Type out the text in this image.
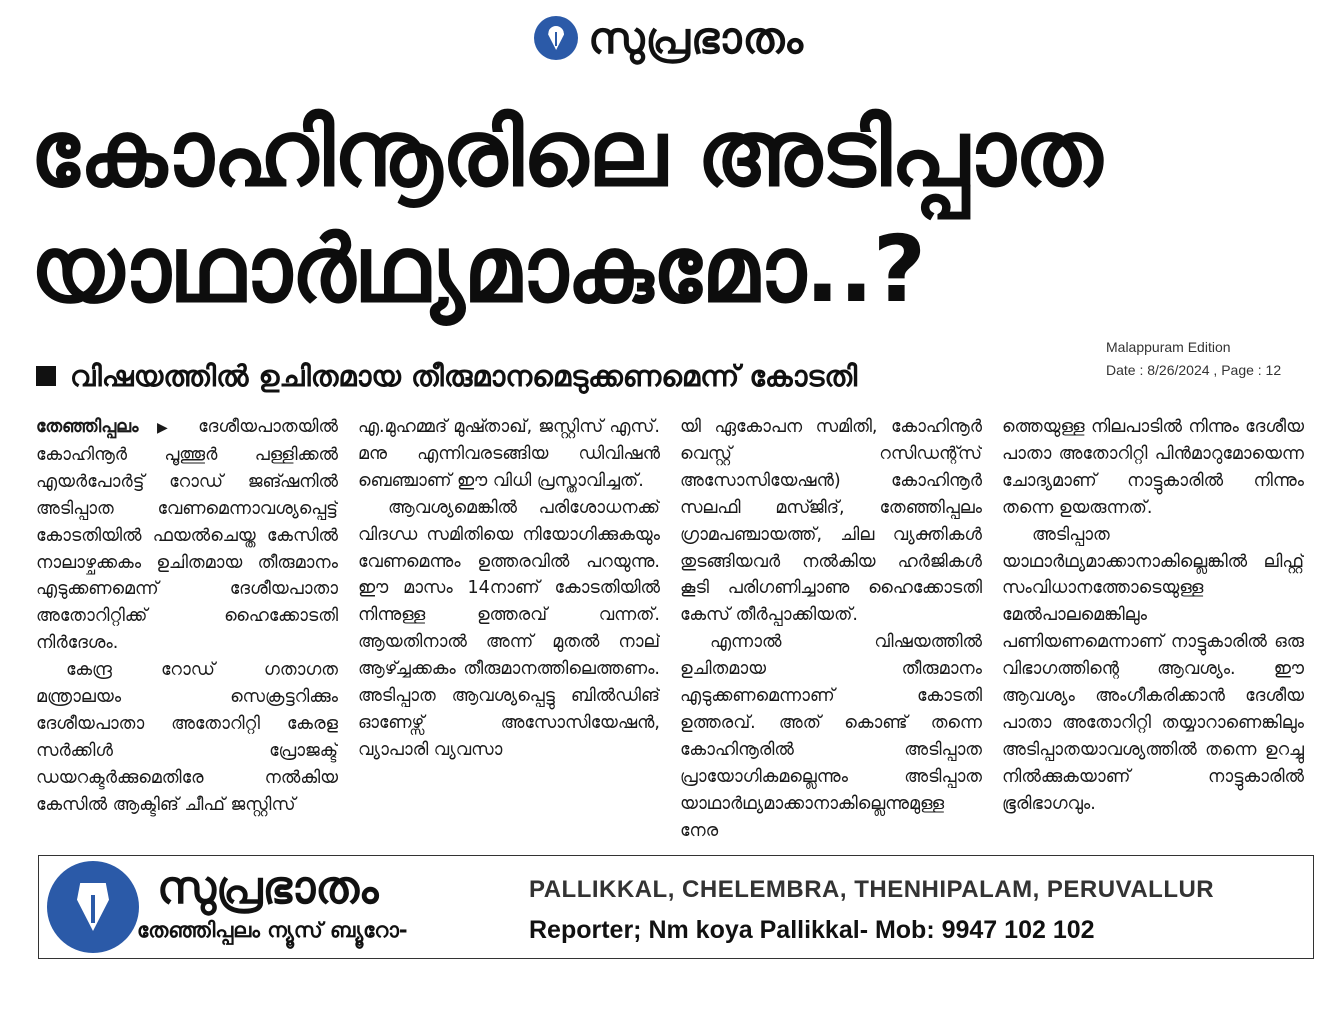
സുപ്രഭാതം
കോഹിനൂരിലെ അടിപ്പാത
യാഥാർഥ്യമാകുമോ..?
Malappuram Edition
Date : 8/26/2024 , Page : 12
വിഷയത്തിൽ ഉചിതമായ തീരുമാനമെടുക്കണമെന്ന് കോടതി

തേഞ്ഞിപ്പലം ▶ ദേശീയപാതയിൽ കോഹിനൂർ പൂത്തൂർ പള്ളിക്കൽ എയർപോർട്ട് റോഡ് ജങ്ഷനിൽ അടിപ്പാത വേണമെന്നാവശ്യപ്പെട്ട് കോടതിയിൽ ഫയൽചെയ്ത കേസിൽ നാലാഴ്ചക്കകം ഉചിതമായ തീരുമാനം എടുക്കണമെന്ന് ദേശീയപാതാ അതോറിറ്റിക്ക് ഹൈക്കോടതി നിർദേശം.

കേന്ദ്ര റോഡ് ഗതാഗത മന്ത്രാലയം സെക്രട്ടറിക്കും ദേശീയപാതാ അതോറിറ്റി കേരള സർക്കിൾ പ്രോജക്ട് ഡയറക്ടർക്കുമെതിരേ നൽകിയ കേസിൽ ആക്ടിങ് ചീഫ് ജസ്റ്റിസ്

എ.മുഹമ്മദ് മുഷ്താഖ്, ജസ്റ്റിസ് എസ്. മനു എന്നിവരടങ്ങിയ ഡിവിഷൻ ബെഞ്ചാണ് ഈ വിധി പ്രസ്താവിച്ചത്.

ആവശ്യമെങ്കിൽ പരിശോധനക്ക് വിദഗ്ധ സമിതിയെ നിയോഗിക്കുകയും വേണമെന്നും ഉത്തരവിൽ പറയുന്നു. ഈ മാസം 14നാണ് കോടതിയിൽ നിന്നുള്ള ഉത്തരവ് വന്നത്. ആയതിനാൽ അന്ന് മുതൽ നാല് ആഴ്ച്ചക്കകം തീരുമാനത്തിലെത്തണം. അടിപ്പാത ആവശ്യപ്പെട്ടു ബിൽഡിങ് ഓണേഴ്സ് അസോസിയേഷൻ, വ്യാപാരി വ്യവസാ

യി ഏകോപന സമിതി, കോഹിനൂർ വെസ്റ്റ് റസിഡന്റ്സ് അസോസിയേഷൻ) കോഹിനൂർ സലഫി മസ്ജിദ്, തേഞ്ഞിപ്പലം ഗ്രാമപഞ്ചായത്ത്, ചില വ്യക്തികൾ തുടങ്ങിയവർ നൽകിയ ഹർജികൾ കൂടി പരിഗണിച്ചാണു ഹൈക്കോടതി കേസ് തീർപ്പാക്കിയത്.

എന്നാൽ വിഷയത്തിൽ ഉചിതമായ തീരുമാനം എടുക്കണമെന്നാണ് കോടതി ഉത്തരവ്. അത് കൊണ്ട് തന്നെ കോഹിനൂരിൽ അടിപ്പാത പ്രായോഗികമല്ലെന്നും അടിപ്പാത യാഥാർഥ്യമാക്കാനാകില്ലെന്നുമുള്ള നേര

ത്തെയുള്ള നിലപാടിൽ നിന്നും ദേശീയ പാതാ അതോറിറ്റി പിൻമാറുമോയെന്ന ചോദ്യമാണ് നാട്ടുകാരിൽ നിന്നും തന്നെ ഉയരുന്നത്.

അടിപ്പാത യാഥാർഥ്യമാക്കാനാകില്ലെങ്കിൽ ലിഫ്റ്റ് സംവിധാനത്തോടെയുള്ള മേൽപാലമെങ്കിലും പണിയണമെന്നാണ് നാട്ടുകാരിൽ ഒരു വിഭാഗത്തിന്റെ ആവശ്യം. ഈ ആവശ്യം അംഗീകരിക്കാൻ ദേശീയ പാതാ അതോറിറ്റി തയ്യാറാണെങ്കിലും അടിപ്പാതയാവശ്യത്തിൽ തന്നെ ഉറച്ചു നിൽക്കുകയാണ് നാട്ടുകാരിൽ ഭൂരിഭാഗവും.

സുപ്രഭാതം	PALLIKKAL, CHELEMBRA, THENHIPALAM, PERUVALLUR
തേഞ്ഞിപ്പലം ന്യൂസ് ബ്യൂറോ-	Reporter; Nm koya Pallikkal- Mob: 9947 102 102
